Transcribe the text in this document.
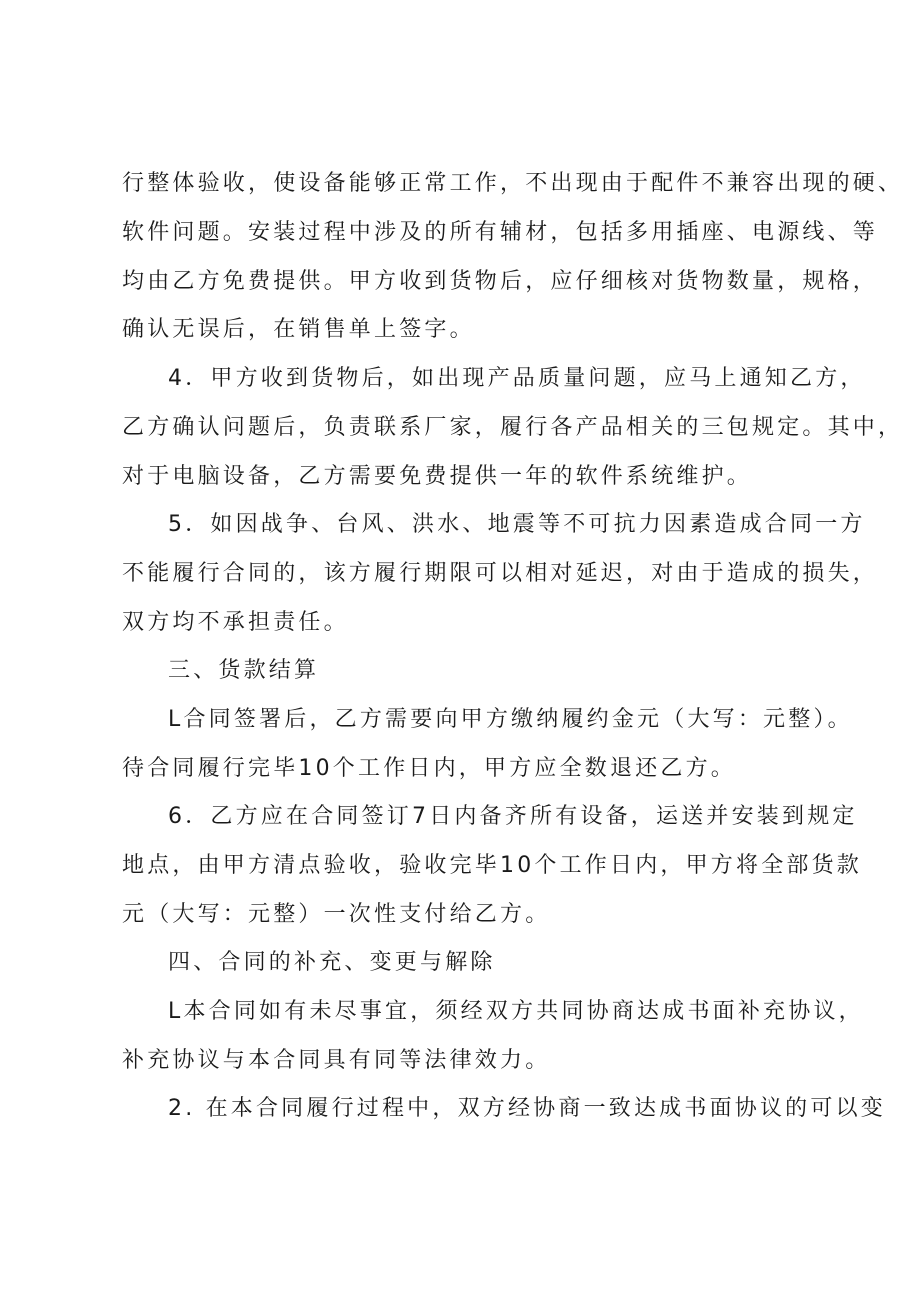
行整体验收，使设备能够正常工作，不出现由于配件不兼容出现的硬、
软件问题。安装过程中涉及的所有辅材，包括多用插座、电源线、等
均由乙方免费提供。甲方收到货物后，应仔细核对货物数量，规格，
确认无误后，在销售单上签字。
4．甲方收到货物后，如出现产品质量问题，应马上通知乙方，
乙方确认问题后，负责联系厂家，履行各产品相关的三包规定。其中，
对于电脑设备，乙方需要免费提供一年的软件系统维护。
5．如因战争、台风、洪水、地震等不可抗力因素造成合同一方
不能履行合同的，该方履行期限可以相对延迟，对由于造成的损失，
双方均不承担责任。
三、货款结算
L合同签署后，乙方需要向甲方缴纳履约金元（大写：元整）。
待合同履行完毕10个工作日内，甲方应全数退还乙方。
6．乙方应在合同签订7日内备齐所有设备，运送并安装到规定
地点，由甲方清点验收，验收完毕10个工作日内，甲方将全部货款
元（大写：元整）一次性支付给乙方。
四、合同的补充、变更与解除
L本合同如有未尽事宜，须经双方共同协商达成书面补充协议，
补充协议与本合同具有同等法律效力。
2. 在本合同履行过程中，双方经协商一致达成书面协议的可以变
